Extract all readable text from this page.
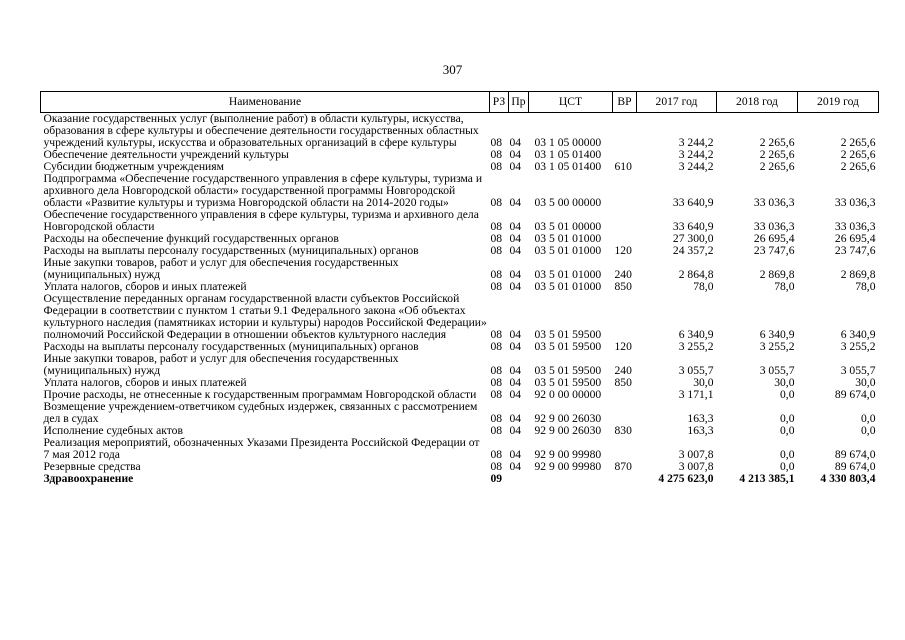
307
Наименование	РЗ	Пр	ЦСТ	ВР	2017 год	2018 год	2019 год
Оказание государственных услуг (выполнение работ) в области культуры, искусства, образования в сфере культуры и обеспечение деятельности государственных областных учреждений культуры, искусства и образовательных организаций в сфере культуры	08	04	03 1 05 00000		3 244,2	2 265,6	2 265,6
Обеспечение деятельности учреждений культуры	08	04	03 1 05 01400		3 244,2	2 265,6	2 265,6
Субсидии бюджетным учреждениям	08	04	03 1 05 01400	610	3 244,2	2 265,6	2 265,6
Подпрограмма «Обеспечение государственного управления в сфере культуры, туризма и архивного дела Новгородской области» государственной программы Новгородской области «Развитие культуры и туризма Новгородской области на 2014-2020 годы»	08	04	03 5 00 00000		33 640,9	33 036,3	33 036,3
Обеспечение государственного управления в сфере культуры, туризма и архивного дела Новгородской области	08	04	03 5 01 00000		33 640,9	33 036,3	33 036,3
Расходы на обеспечение функций государственных органов	08	04	03 5 01 01000		27 300,0	26 695,4	26 695,4
Расходы на выплаты персоналу государственных (муниципальных) органов	08	04	03 5 01 01000	120	24 357,2	23 747,6	23 747,6
Иные закупки товаров, работ и услуг для обеспечения государственных (муниципальных) нужд	08	04	03 5 01 01000	240	2 864,8	2 869,8	2 869,8
Уплата налогов, сборов и иных платежей	08	04	03 5 01 01000	850	78,0	78,0	78,0
Осуществление переданных органам государственной власти субъектов Российской Федерации в соответствии с пунктом 1 статьи 9.1 Федерального закона «Об объектах культурного наследия (памятниках истории и культуры) народов Российской Федерации» полномочий Российской Федерации в отношении объектов культурного наследия	08	04	03 5 01 59500		6 340,9	6 340,9	6 340,9
Расходы на выплаты персоналу государственных (муниципальных) органов	08	04	03 5 01 59500	120	3 255,2	3 255,2	3 255,2
Иные закупки товаров, работ и услуг для обеспечения государственных (муниципальных) нужд	08	04	03 5 01 59500	240	3 055,7	3 055,7	3 055,7
Уплата налогов, сборов и иных платежей	08	04	03 5 01 59500	850	30,0	30,0	30,0
Прочие расходы, не отнесенные к государственным программам Новгородской области	08	04	92 0 00 00000		3 171,1	0,0	89 674,0
Возмещение учреждением-ответчиком судебных издержек, связанных с рассмотрением дел в судах	08	04	92 9 00 26030		163,3	0,0	0,0
Исполнение судебных актов	08	04	92 9 00 26030	830	163,3	0,0	0,0
Реализация мероприятий, обозначенных Указами Президента Российской Федерации от 7 мая 2012 года	08	04	92 9 00 99980		3 007,8	0,0	89 674,0
Резервные средства	08	04	92 9 00 99980	870	3 007,8	0,0	89 674,0
Здравоохранение	09				4 275 623,0	4 213 385,1	4 330 803,4
